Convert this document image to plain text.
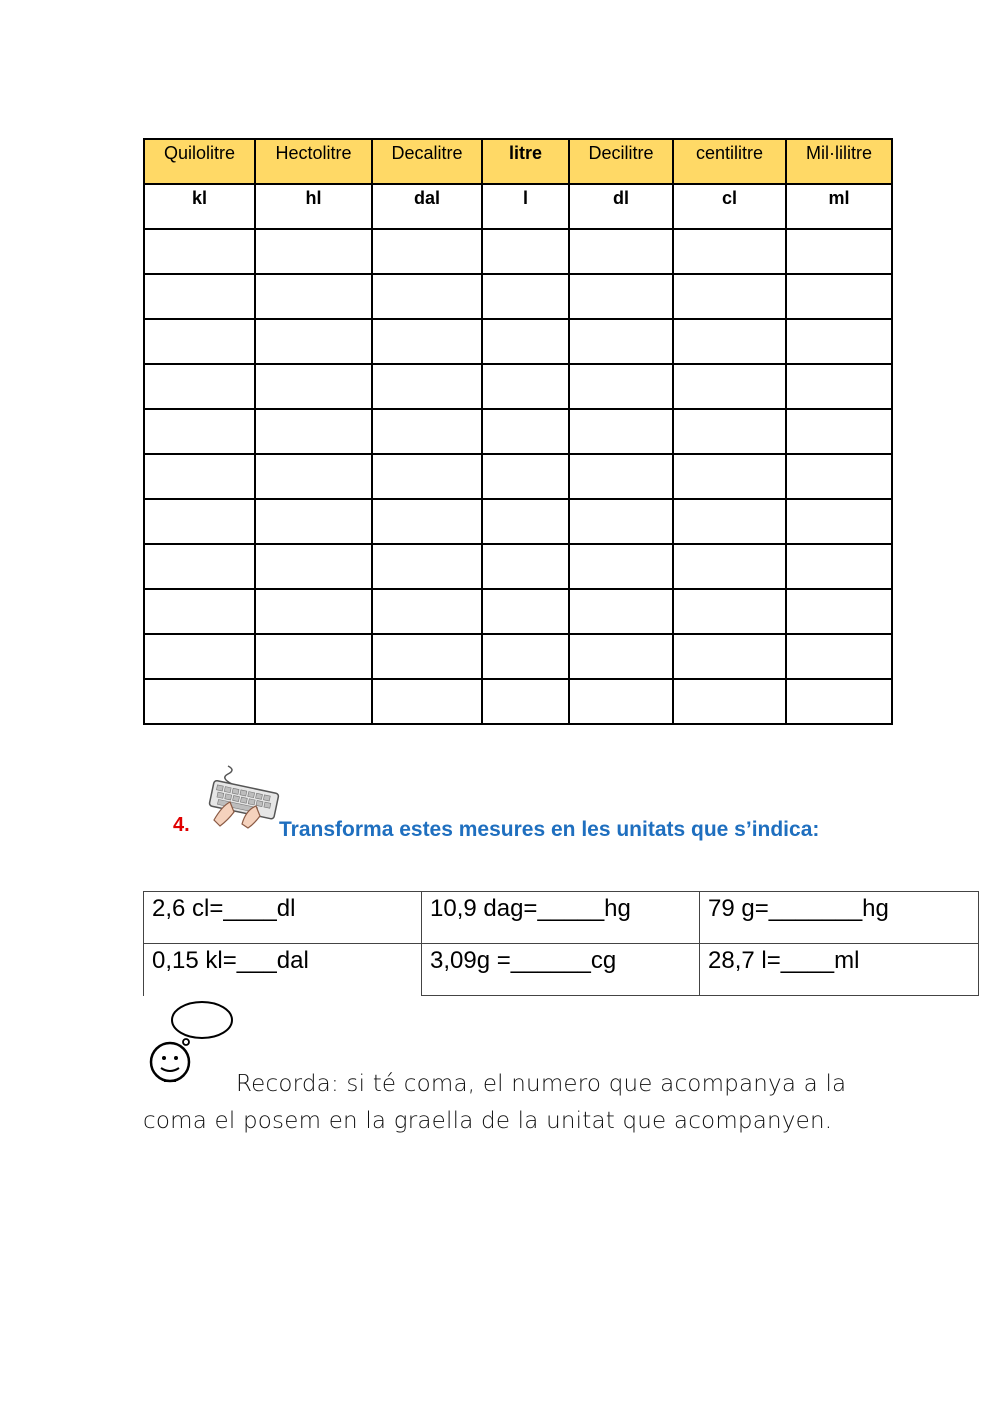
Quilolitre	Hectolitre	Decalitre	litre	Decilitre	centilitre	Mil·lilitre
kl	hl	dal	l	dl	cl	ml

4.	Transforma estes mesures en les unitats que s’indica:
2,6 cl=____dl	10,9 dag=_____hg	79 g=_______hg
0,15 kl=___dal	3,09g =______cg	28,7 l=____ml
Recorda: si té coma, el numero que acompanya a la
coma el posem en la graella de la unitat que acompanyen.
